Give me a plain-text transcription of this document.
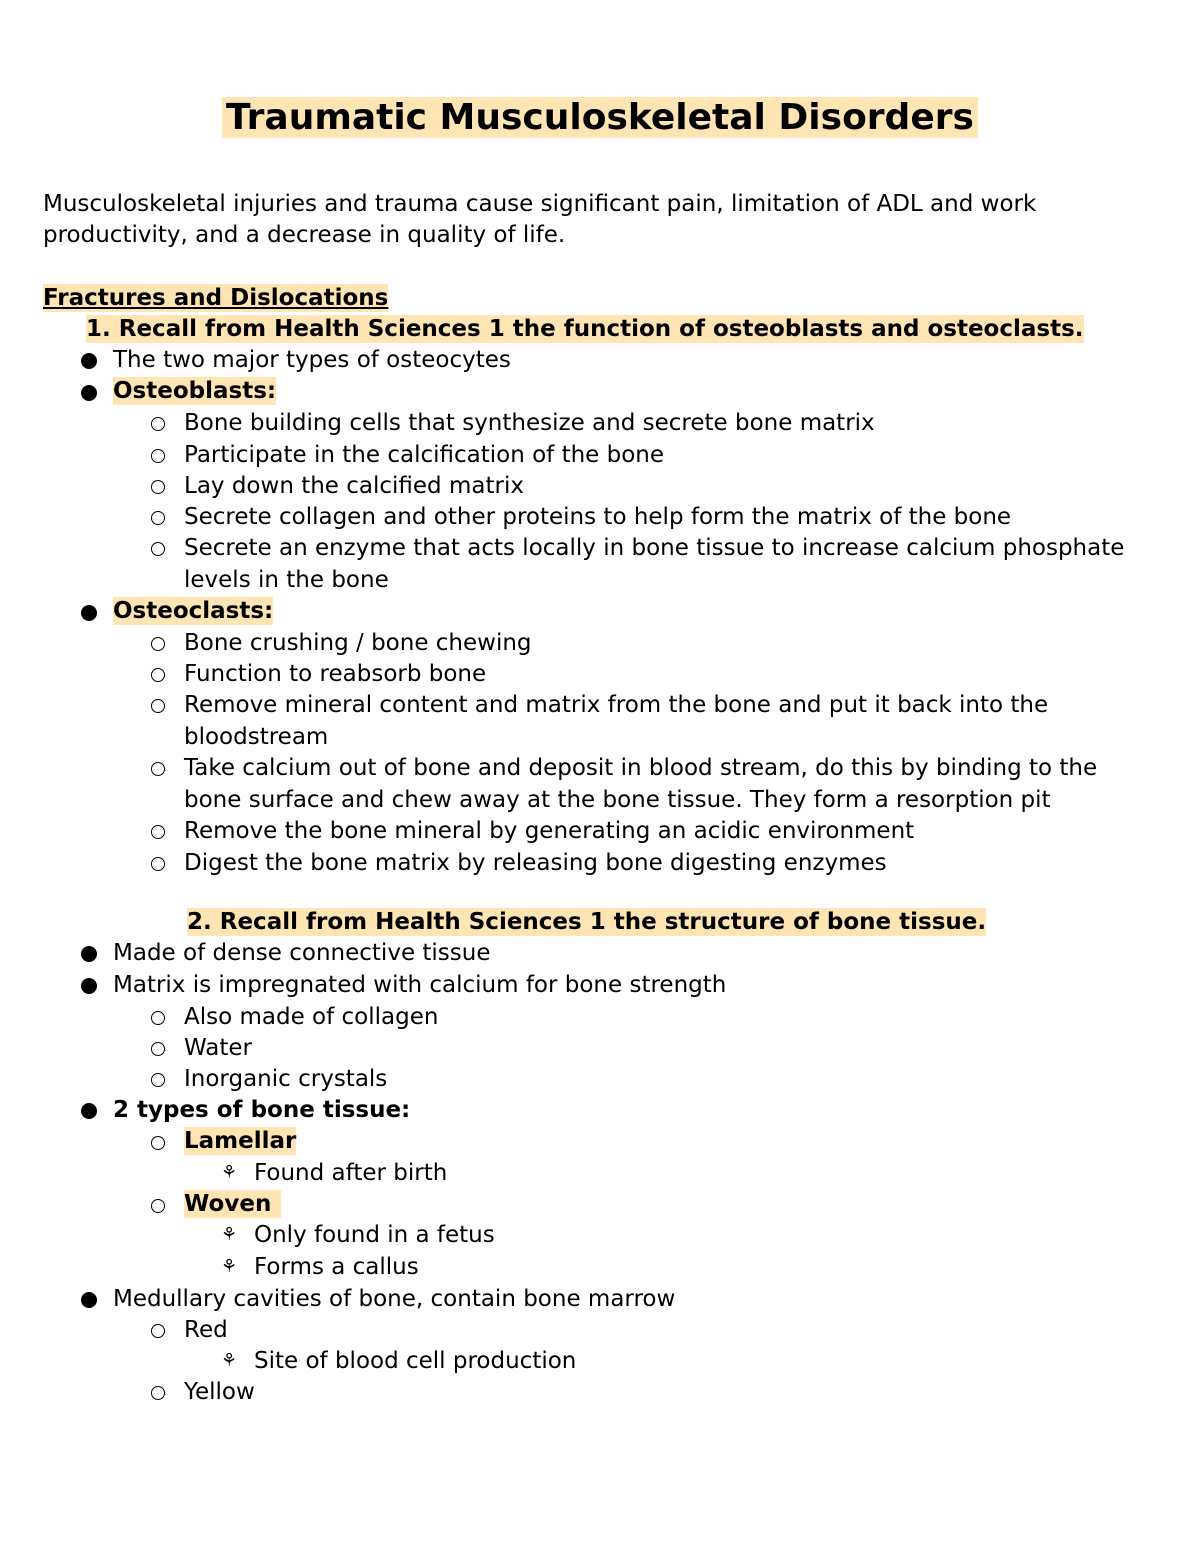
Traumatic Musculoskeletal Disorders
Musculoskeletal injuries and trauma cause significant pain, limitation of ADL and work
productivity, and a decrease in quality of life.
Fractures and Dislocations
1. Recall from Health Sciences 1 the function of osteoblasts and osteoclasts.
The two major types of osteocytes
Osteoblasts:
Bone building cells that synthesize and secrete bone matrix
Participate in the calcification of the bone
Lay down the calcified matrix
Secrete collagen and other proteins to help form the matrix of the bone
Secrete an enzyme that acts locally in bone tissue to increase calcium phosphate
levels in the bone
Osteoclasts:
Bone crushing / bone chewing
Function to reabsorb bone
Remove mineral content and matrix from the bone and put it back into the
bloodstream
Take calcium out of bone and deposit in blood stream, do this by binding to the
bone surface and chew away at the bone tissue. They form a resorption pit
Remove the bone mineral by generating an acidic environment
Digest the bone matrix by releasing bone digesting enzymes
2. Recall from Health Sciences 1 the structure of bone tissue.
Made of dense connective tissue
Matrix is impregnated with calcium for bone strength
Also made of collagen
Water
Inorganic crystals
2 types of bone tissue:
Lamellar
⚘ Found after birth
Woven
⚘ Only found in a fetus
⚘ Forms a callus
Medullary cavities of bone, contain bone marrow
Red
⚘ Site of blood cell production
Yellow
